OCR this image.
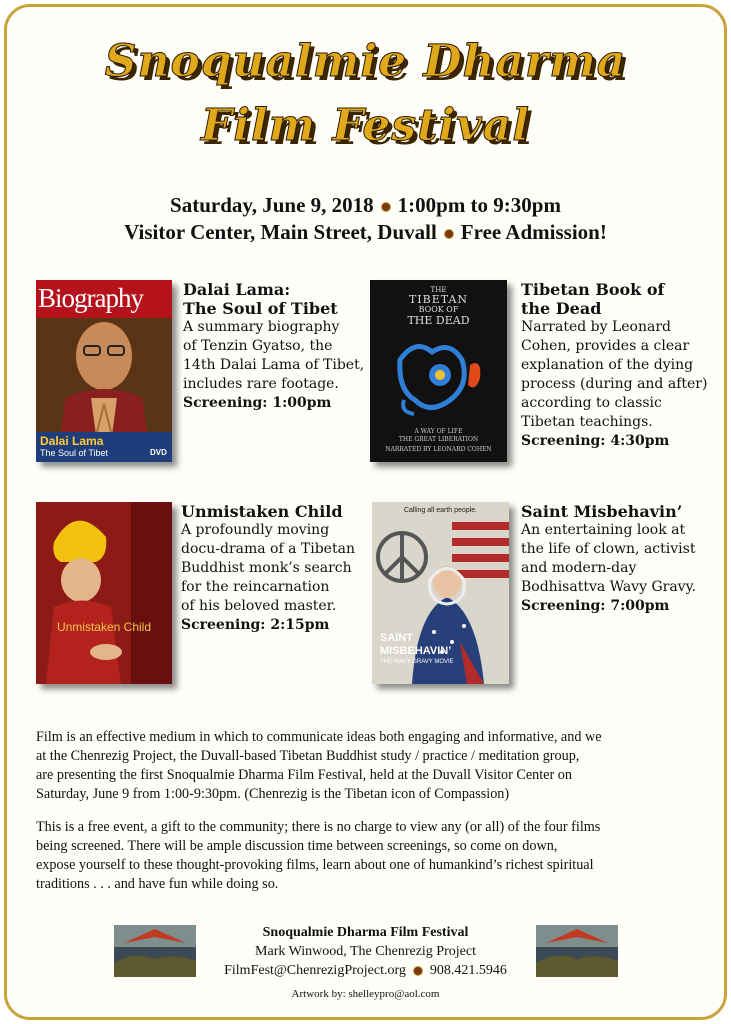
Snoqualmie Dharma
Film Festival
Saturday, June 9, 2018 1:00pm to 9:30pm
Visitor Center, Main Street, Duvall Free Admission!
Biography
Dalai Lama
The Soul of Tibet	DVD
Dalai Lama:
The Soul of Tibet
A summary biography
of Tenzin Gyatso, the
14th Dalai Lama of Tibet,
includes rare footage.
Screening: 1:00pm
THE
TIBETAN
BOOK OF
THE DEAD
A WAY OF LIFE
THE GREAT LIBERATION
NARRATED BY LEONARD COHEN
Tibetan Book of
the Dead
Narrated by Leonard
Cohen, provides a clear
explanation of the dying
process (during and after)
according to classic
Tibetan teachings.
Screening: 4:30pm
Unmistaken Child
Unmistaken Child
A profoundly moving
docu-drama of a Tibetan
Buddhist monk’s search
for the reincarnation
of his beloved master.
Screening: 2:15pm
Calling all earth people.
SAINT
MISBEHAVIN’
THE WAVY GRAVY MOVIE
Saint Misbehavin’
An entertaining look at
the life of clown, activist
and modern-day
Bodhisattva Wavy Gravy.
Screening: 7:00pm
Film is an effective medium in which to communicate ideas both engaging and informative, and we
at the Chenrezig Project, the Duvall-based Tibetan Buddhist study / practice / meditation group,
are presenting the first Snoqualmie Dharma Film Festival, held at the Duvall Visitor Center on
Saturday, June 9 from 1:00-9:30pm. (Chenrezig is the Tibetan icon of Compassion)
This is a free event, a gift to the community; there is no charge to view any (or all) of the four films
being screened. There will be ample discussion time between screenings, so come on down,
expose yourself to these thought-provoking films, learn about one of humankind’s richest spiritual
traditions . . . and have fun while doing so.
Snoqualmie Dharma Film Festival
Mark Winwood, The Chenrezig Project
FilmFest@ChenrezigProject.org 908.421.5946
Artwork by: shelleypro@aol.com
